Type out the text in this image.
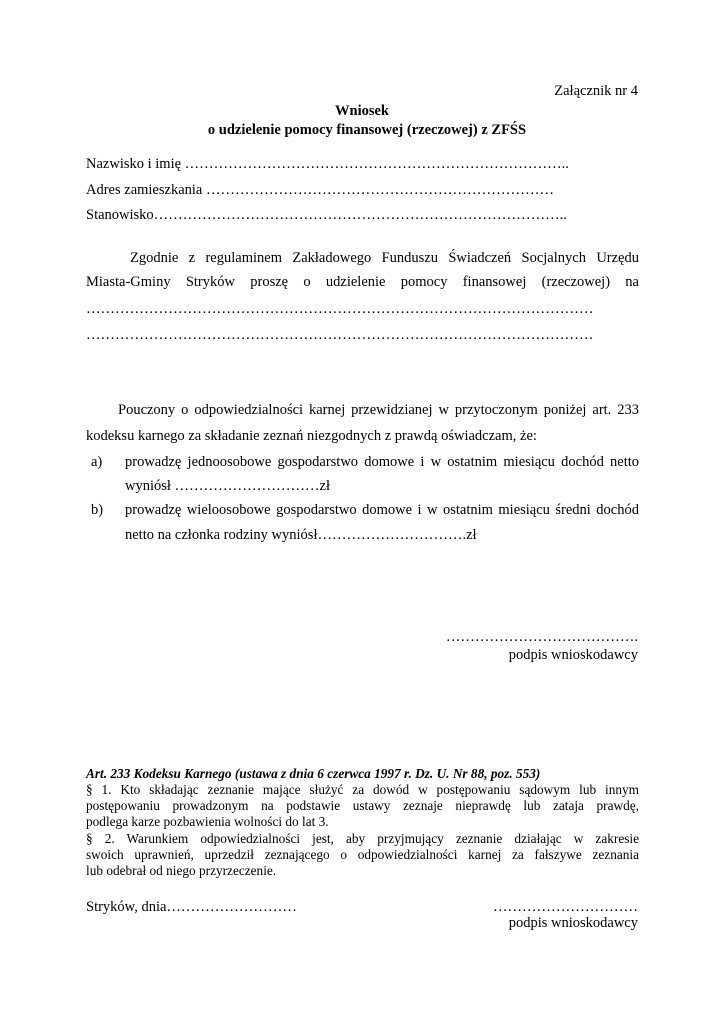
Załącznik nr 4
Wniosek
o udzielenie pomocy finansowej (rzeczowej) z ZFŚS
Nazwisko i imię ……………………………………………………………………..
Adres zamieszkania ………………………………………………………………
Stanowisko…………………………………………………………………………..
Zgodnie z regulaminem Zakładowego Funduszu Świadczeń Socjalnych Urzędu
Miasta-Gminy Stryków proszę o udzielenie pomocy finansowej (rzeczowej) na
……………………………………………………………………………………………
……………………………………………………………………………………………
Pouczony o odpowiedzialności karnej przewidzianej w przytoczonym poniżej art. 233
kodeksu karnego za składanie zeznań niezgodnych z prawdą oświadczam, że:
a) prowadzę jednoosobowe gospodarstwo domowe i w ostatnim miesiącu dochód netto
wyniósł …………………………zł
b) prowadzę wieloosobowe gospodarstwo domowe i w ostatnim miesiącu średni dochód
netto na członka rodziny wyniósł………………………….zł
………………………………….
podpis wnioskodawcy
Art. 233 Kodeksu Karnego (ustawa z dnia 6 czerwca 1997 r. Dz. U. Nr 88, poz. 553)
§ 1. Kto składając zeznanie mające służyć za dowód w postępowaniu sądowym lub innym
postępowaniu prowadzonym na podstawie ustawy zeznaje nieprawdę lub zataja prawdę,
podlega karze pozbawienia wolności do lat 3.
§ 2. Warunkiem odpowiedzialności jest, aby przyjmujący zeznanie działając w zakresie
swoich uprawnień, uprzedził zeznającego o odpowiedzialności karnej za fałszywe zeznania
lub odebrał od niego przyrzeczenie.
Stryków, dnia………………………	…………………………
podpis wnioskodawcy
